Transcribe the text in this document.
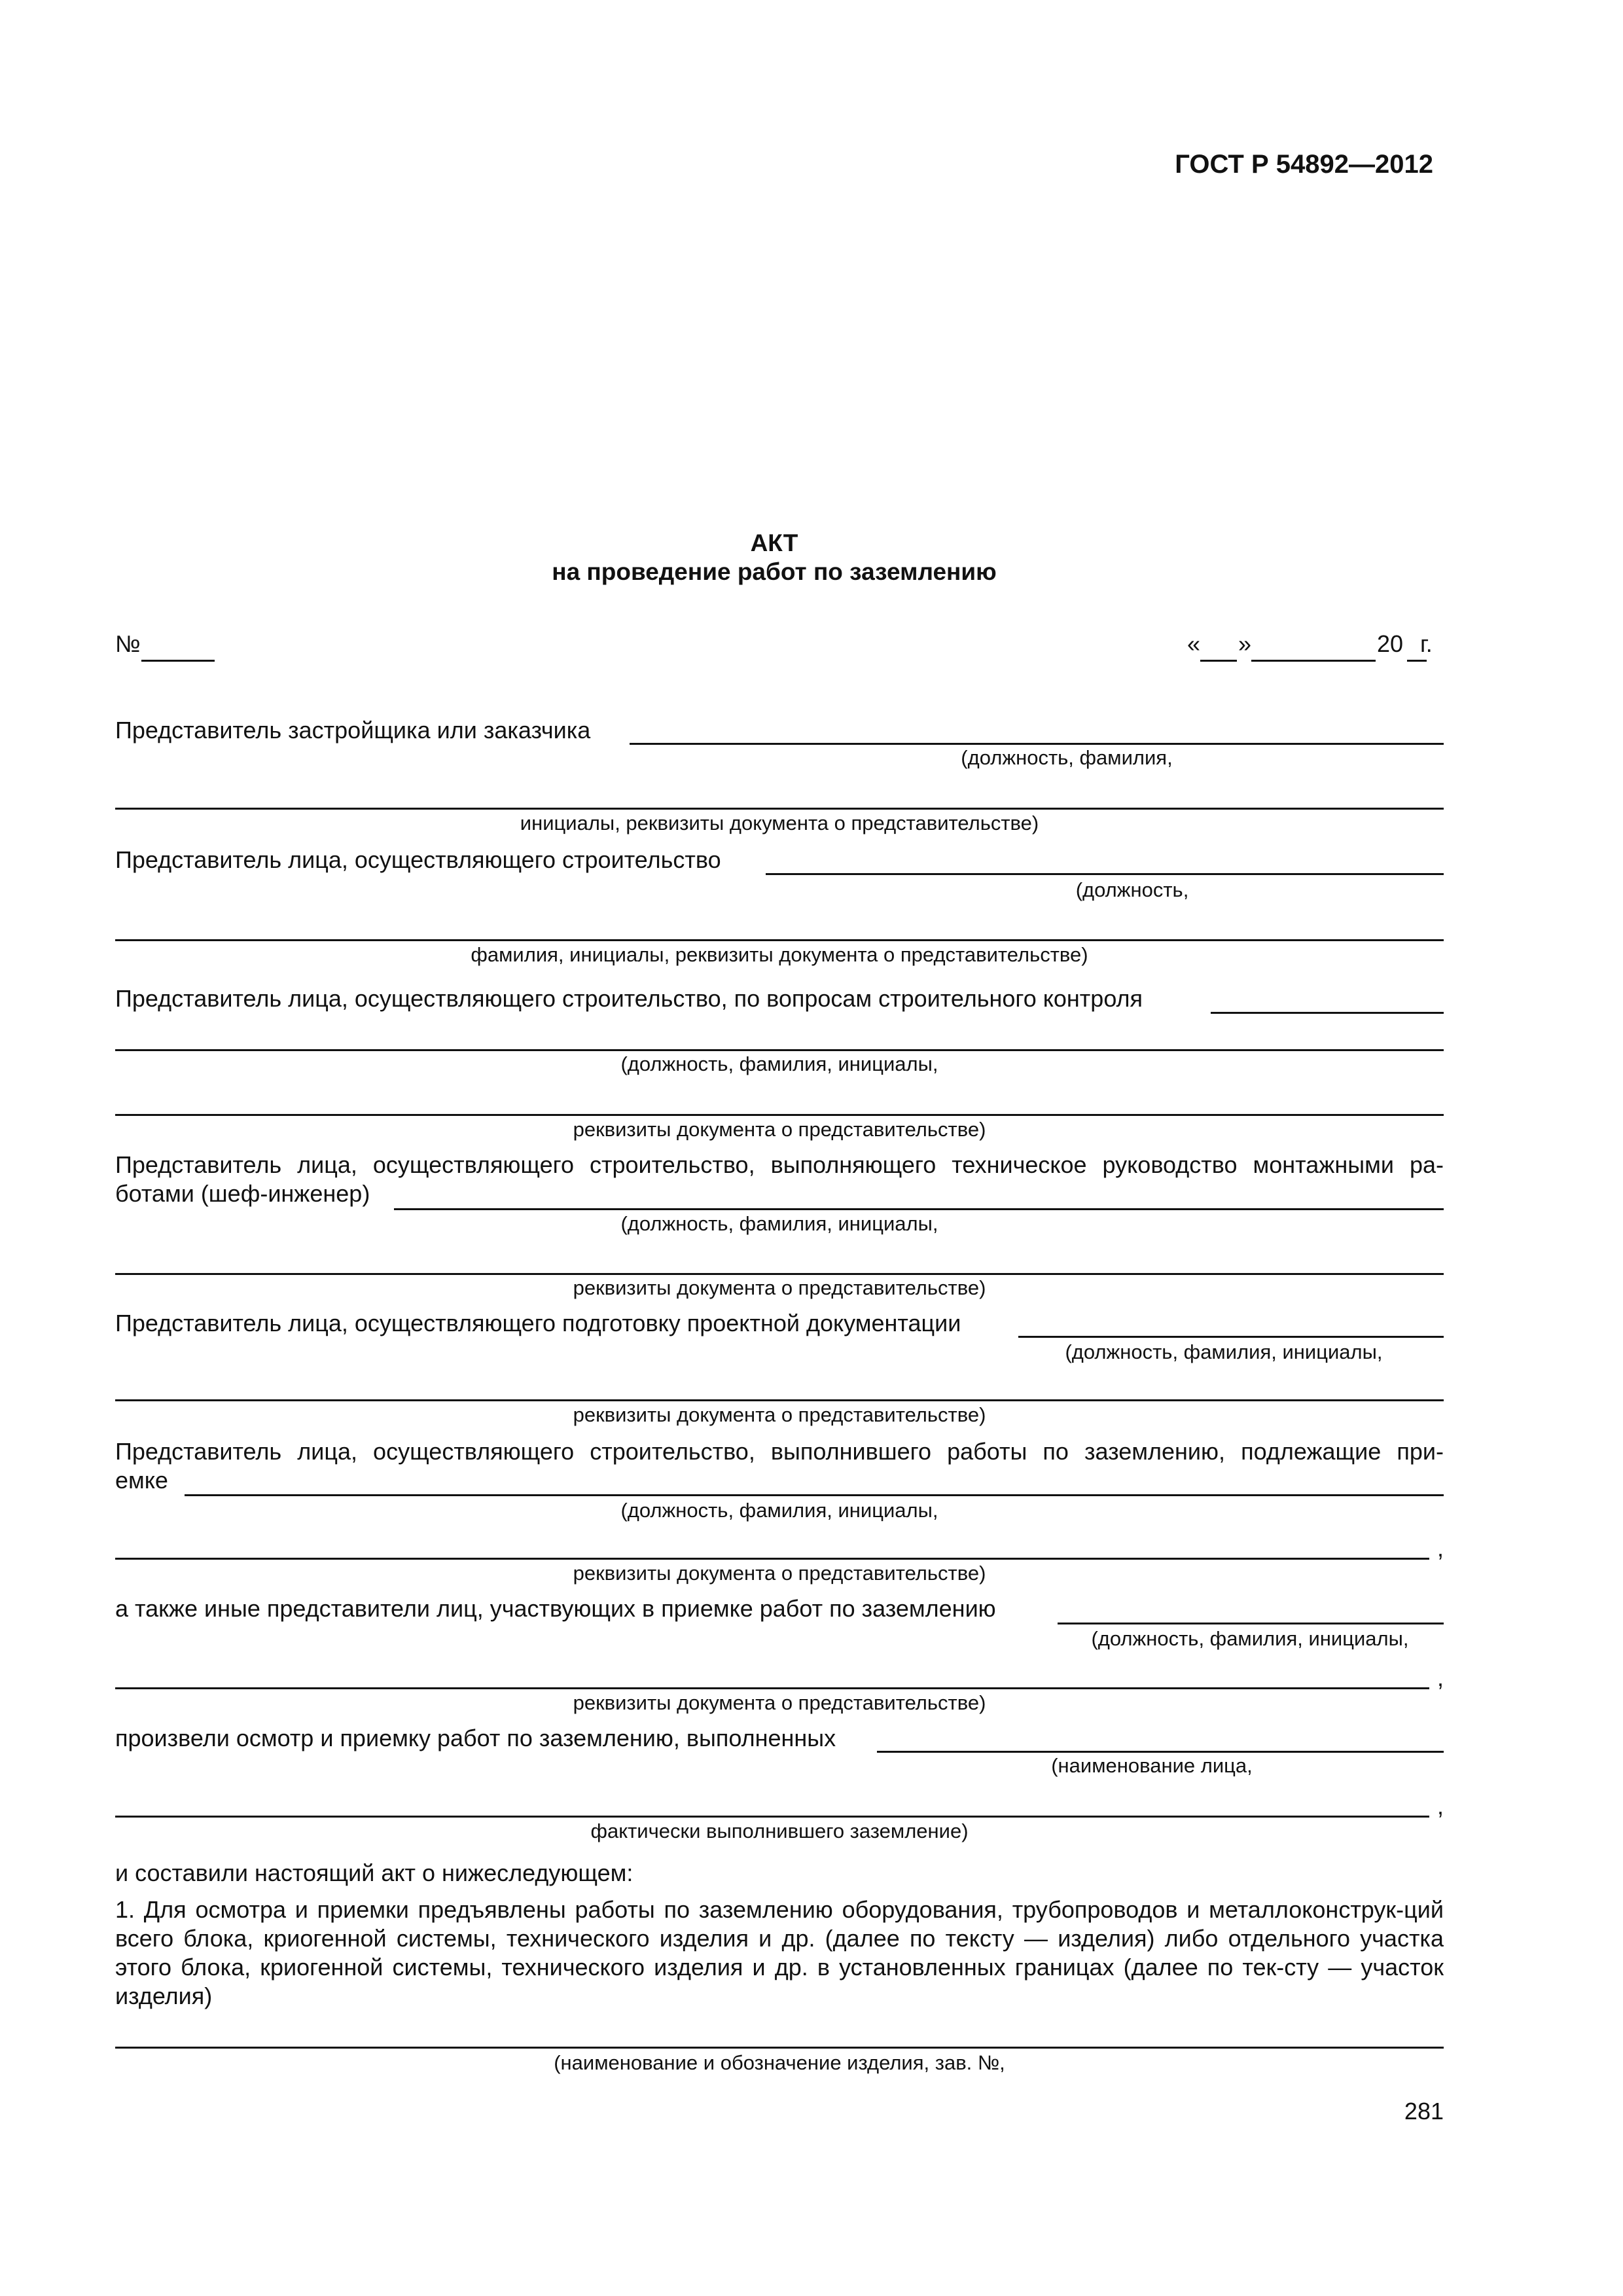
ГОСТ Р 54892—2012
АКТ
на проведение работ по заземлению
№	« »	20 г.
Представитель застройщика или заказчика
(должность, фамилия,
инициалы, реквизиты документа о представительстве)
Представитель лица, осуществляющего строительство
(должность,
фамилия, инициалы, реквизиты документа о представительстве)
Представитель лица, осуществляющего строительство, по вопросам строительного контроля
(должность, фамилия, инициалы,
реквизиты документа о представительстве)
Представитель лица, осуществляющего строительство, выполняющего техническое руководство монтажными ра-
ботами (шеф-инженер)
(должность, фамилия, инициалы,
реквизиты документа о представительстве)
Представитель лица, осуществляющего подготовку проектной документации
(должность, фамилия, инициалы,
реквизиты документа о представительстве)
Представитель лица, осуществляющего строительство, выполнившего работы по заземлению, подлежащие при-
емке
(должность, фамилия, инициалы,
,
реквизиты документа о представительстве)
а также иные представители лиц, участвующих в приемке работ по заземлению
(должность, фамилия, инициалы,
,
реквизиты документа о представительстве)
произвели осмотр и приемку работ по заземлению, выполненных
(наименование лица,
,
фактически выполнившего заземление)
и составили настоящий акт о нижеследующем:
1. Для осмотра и приемки предъявлены работы по заземлению оборудования, трубопроводов и металлоконструк-ций всего блока, криогенной системы, технического изделия и др. (далее по тексту — изделия) либо отдельного участка этого блока, криогенной системы, технического изделия и др. в установленных границах (далее по тек-сту — участок изделия)
(наименование и обозначение изделия, зав. №,
281
